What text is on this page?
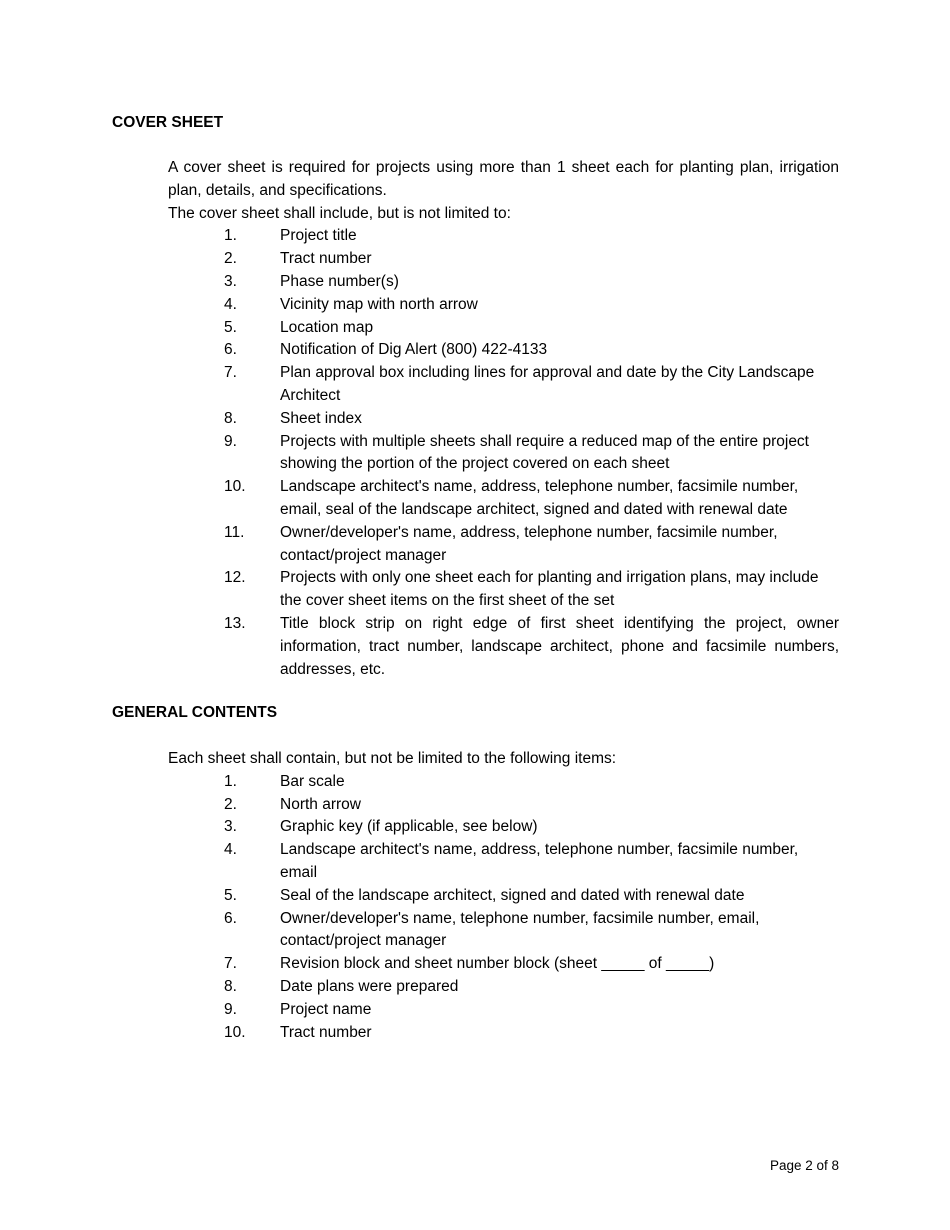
COVER SHEET

A cover sheet is required for projects using more than 1 sheet each for planting plan, irrigation plan, details, and specifications.

The cover sheet shall include, but is not limited to:

1.	Project title
2.	Tract number
3.	Phase number(s)
4.	Vicinity map with north arrow
5.	Location map
6.	Notification of Dig Alert (800) 422-4133
7.	Plan approval box including lines for approval and date by the City Landscape Architect
8.	Sheet index
9.	Projects with multiple sheets shall require a reduced map of the entire project showing the portion of the project covered on each sheet
10.	Landscape architect's name, address, telephone number, facsimile number, email, seal of the landscape architect, signed and dated with renewal date
11.	Owner/developer's name, address, telephone number, facsimile number, contact/project manager
12.	Projects with only one sheet each for planting and irrigation plans, may include the cover sheet items on the first sheet of the set
13.	Title block strip on right edge of first sheet identifying the project, owner information, tract number, landscape architect, phone and facsimile numbers, addresses, etc.
GENERAL CONTENTS

Each sheet shall contain, but not be limited to the following items:

1.	Bar scale
2.	North arrow
3.	Graphic key (if applicable, see below)
4.	Landscape architect's name, address, telephone number, facsimile number, email
5.	Seal of the landscape architect, signed and dated with renewal date
6.	Owner/developer's name, telephone number, facsimile number, email, contact/project manager
7.	Revision block and sheet number block (sheet _____ of _____)
8.	Date plans were prepared
9.	Project name
10.	Tract number
Page 2 of 8
